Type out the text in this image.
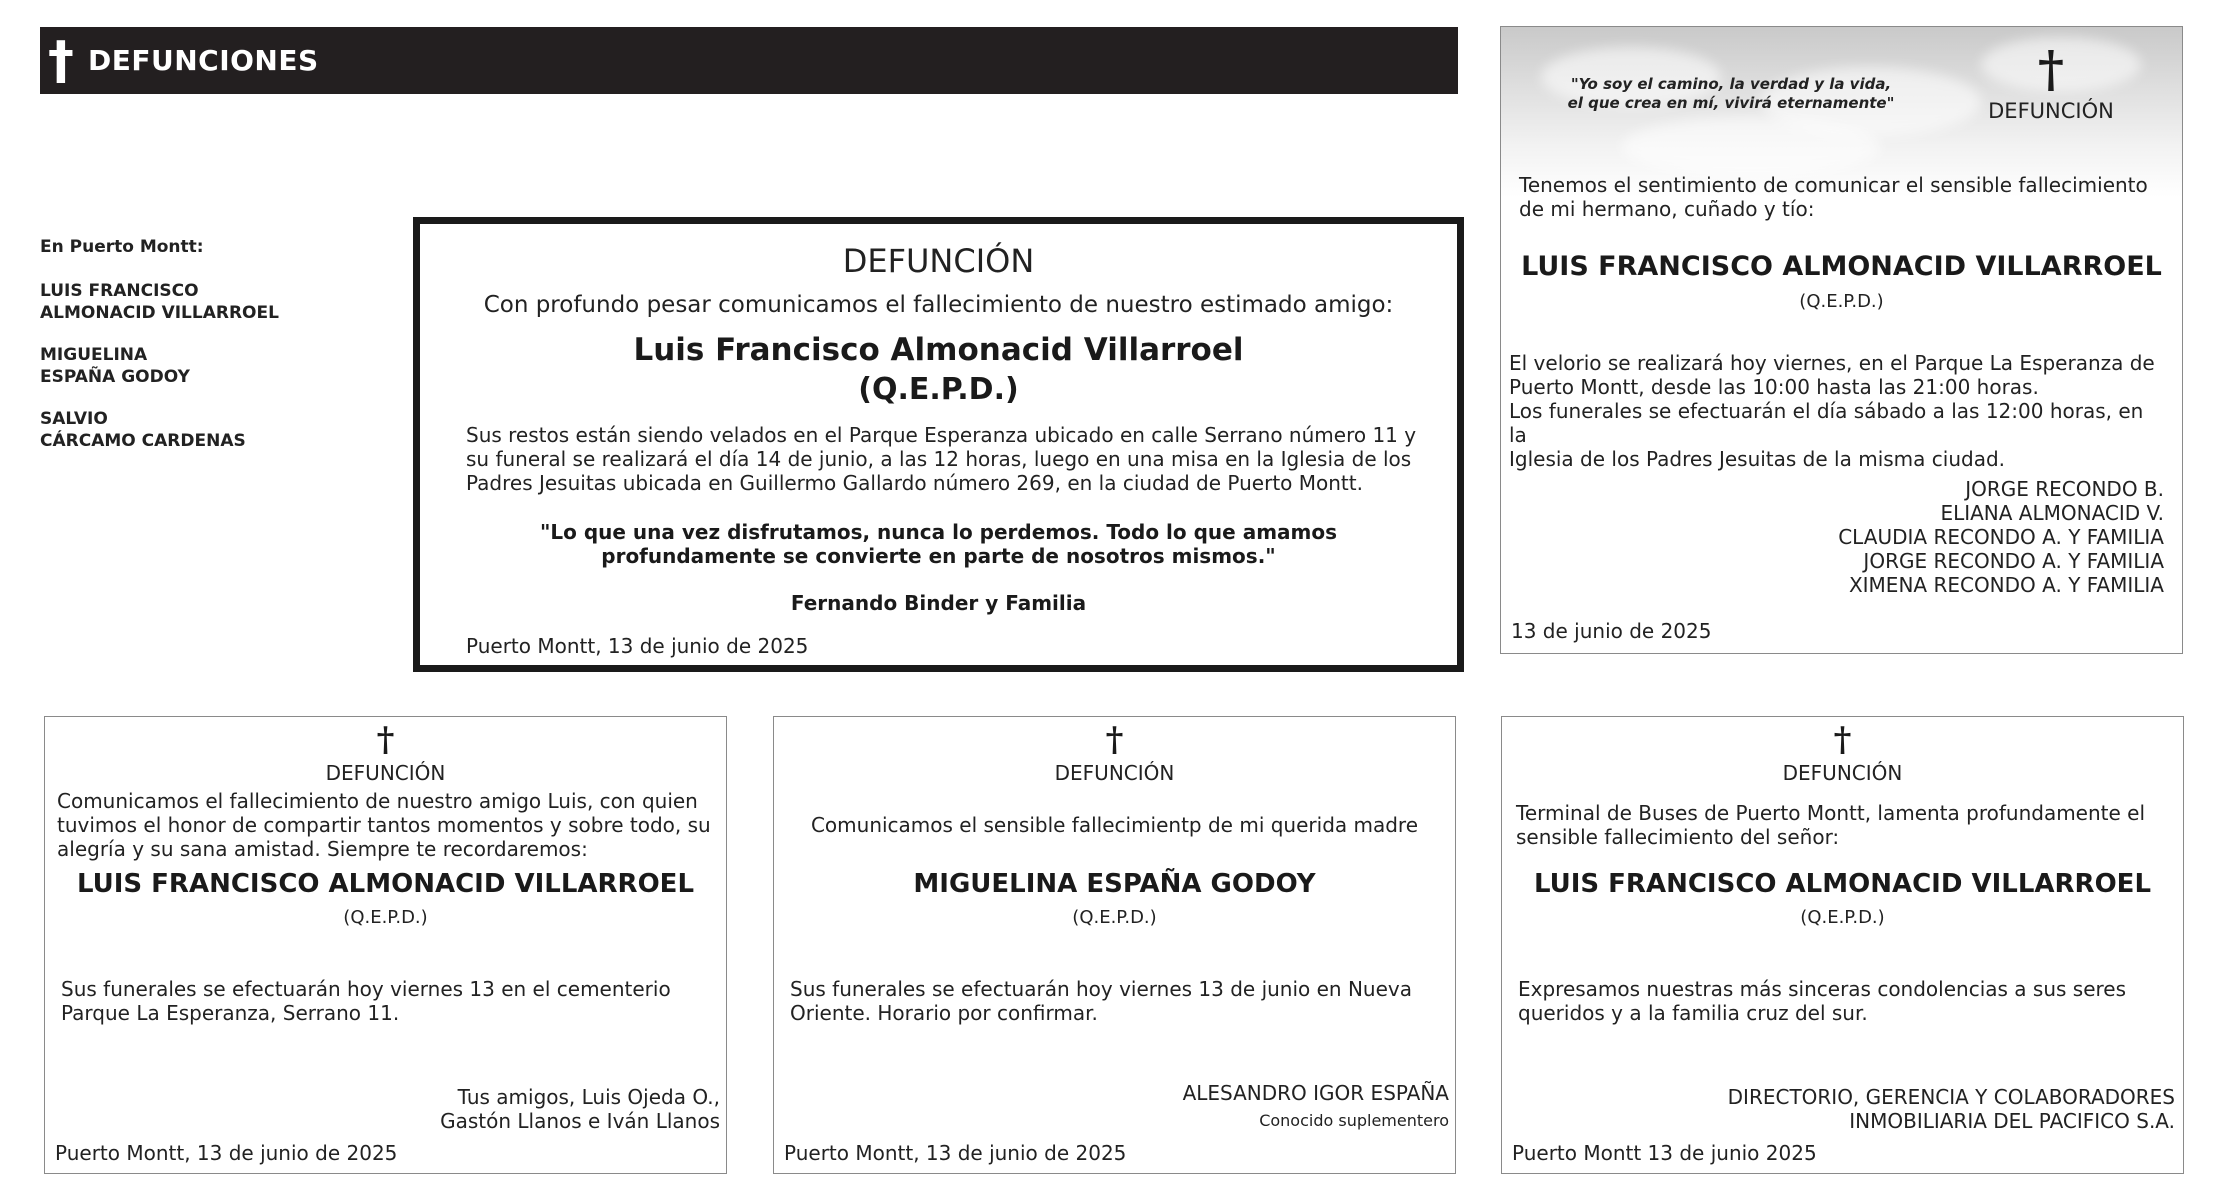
† DEFUNCIONES
En Puerto Montt:
LUIS FRANCISCO
ALMONACID VILLARROEL
MIGUELINA
ESPAÑA GODOY
SALVIO
CÁRCAMO CARDENAS
DEFUNCIÓN
Con profundo pesar comunicamos el fallecimiento de nuestro estimado amigo:
Luis Francisco Almonacid Villarroel
(Q.E.P.D.)
Sus restos están siendo velados en el Parque Esperanza ubicado en calle Serrano número 11 y
su funeral se realizará el día 14 de junio, a las 12 horas, luego en una misa en la Iglesia de los
Padres Jesuitas ubicada en Guillermo Gallardo número 269, en la ciudad de Puerto Montt.
"Lo que una vez disfrutamos, nunca lo perdemos. Todo lo que amamos
profundamente se convierte en parte de nosotros mismos."
Fernando Binder y Familia
Puerto Montt, 13 de junio de 2025
"Yo soy el camino, la verdad y la vida,
el que crea en mí, vivirá eternamente"
†
DEFUNCIÓN
Tenemos el sentimiento de comunicar el sensible fallecimiento
de mi hermano, cuñado y tío:
LUIS FRANCISCO ALMONACID VILLARROEL
(Q.E.P.D.)
El velorio se realizará hoy viernes, en el Parque La Esperanza de
Puerto Montt, desde las 10:00 hasta las 21:00 horas.
Los funerales se efectuarán el día sábado a las 12:00 horas, en la
Iglesia de los Padres Jesuitas de la misma ciudad.
JORGE RECONDO B.
ELIANA ALMONACID V.
CLAUDIA RECONDO A. Y FAMILIA
JORGE RECONDO A. Y FAMILIA
XIMENA RECONDO A. Y FAMILIA
13 de junio de 2025
†
DEFUNCIÓN
Comunicamos el fallecimiento de nuestro amigo Luis, con quien
tuvimos el honor de compartir tantos momentos y sobre todo, su
alegría y su sana amistad. Siempre te recordaremos:
LUIS FRANCISCO ALMONACID VILLARROEL
(Q.E.P.D.)
Sus funerales se efectuarán hoy viernes 13 en el cementerio
Parque La Esperanza, Serrano 11.
Tus amigos, Luis Ojeda O.,
Gastón Llanos e Iván Llanos
Puerto Montt, 13 de junio de 2025
†
DEFUNCIÓN
Comunicamos el sensible fallecimientp de mi querida madre
MIGUELINA ESPAÑA GODOY
(Q.E.P.D.)
Sus funerales se efectuarán hoy viernes 13 de junio en Nueva
Oriente. Horario por confirmar.
ALESANDRO IGOR ESPAÑA
Conocido suplementero
Puerto Montt, 13 de junio de 2025
†
DEFUNCIÓN
Terminal de Buses de Puerto Montt, lamenta profundamente el
sensible fallecimiento del señor:
LUIS FRANCISCO ALMONACID VILLARROEL
(Q.E.P.D.)
Expresamos nuestras más sinceras condolencias a sus seres
queridos y a la familia cruz del sur.
DIRECTORIO, GERENCIA Y COLABORADORES
INMOBILIARIA DEL PACIFICO S.A.
Puerto Montt 13 de junio 2025
